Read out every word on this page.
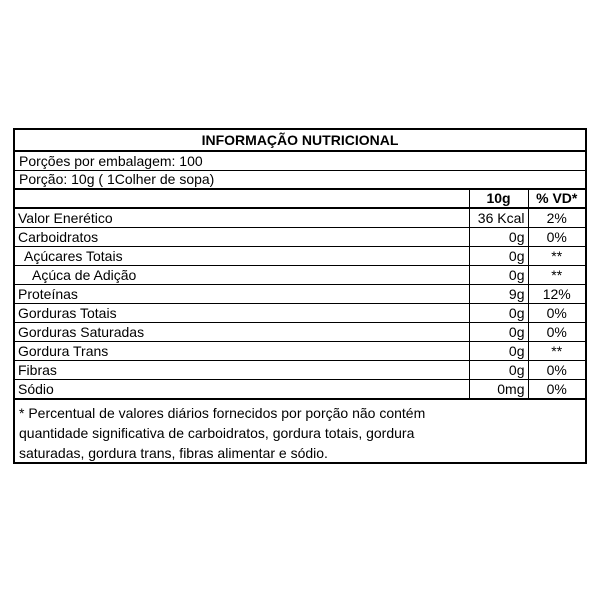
INFORMAÇÃO NUTRICIONAL
Porções por embalagem: 100
Porção: 10g ( 1Colher de sopa)
	10g	% VD*
Valor Enerético	36 Kcal	2%
Carboidratos	0g	0%
Açúcares Totais	0g	**
Açúca de Adição	0g	**
Proteínas	9g	12%
Gorduras Totais	0g	0%
Gorduras Saturadas	0g	0%
Gordura Trans	0g	**
Fibras	0g	0%
Sódio	0mg	0%
* Percentual de valores diários fornecidos por porção não contém
quantidade significativa de carboidratos, gordura totais, gordura
saturadas, gordura trans, fibras alimentar e sódio.
